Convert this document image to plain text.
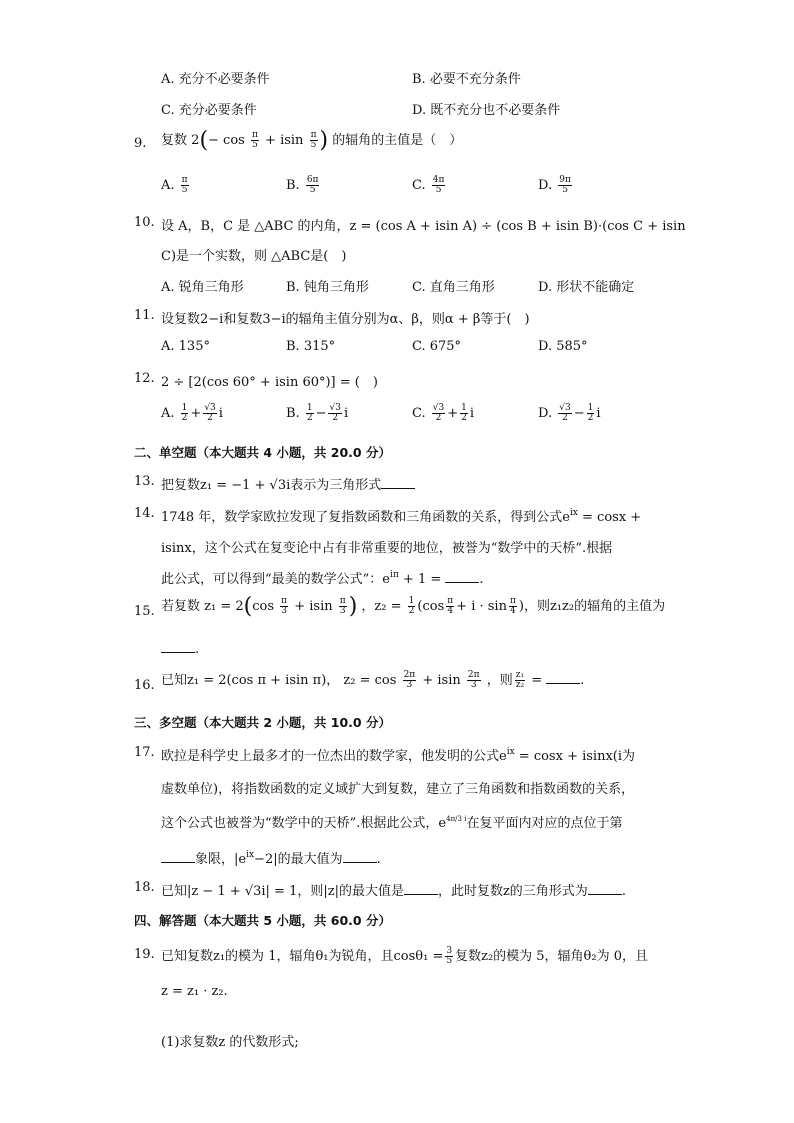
A. 充分不必要条件	B. 必要不充分条件
C. 充分必要条件	D. 既不充分也不必要条件
9. 复数 $2(- \cos \frac{\pi}{5} + isin \frac{\pi}{5}$ ) 的辐角的主值是（　）
A. $\frac{\pi}{5}$	B. $\frac{6\pi}{5}$	C. $\frac{4\pi}{5}$	D. $\frac{9\pi}{5}$
10. 设 A，B，C 是 △ABC 的内角，z = (cos A + isin A) ÷ (cos B + isin B)·(cos C + isin
C)是一个实数，则 △ABC是(　)
A. 锐角三角形	B. 钝角三角形	C. 直角三角形	D. 形状不能确定
11. 设复数2−i和复数3−i的辐角主值分别为α、β，则α + β等于(　)
A. 135°	B. 315°	C. 675°	D. 585°
12. 2 ÷ [2(cos 60° + isin 60°)] = (　)
A. $\frac{1}{2} + \frac{√3}{2}$ i	B. $\frac{1}{2} - \frac{√3}{2}$ i	C. $\frac{√3}{2} + \frac{1}{2}$ i	D. $\frac{√3}{2} - \frac{1}{2}$ i
二、单空题（本大题共 4 小题，共 20.0 分）
13. 把复数z₁ = −1 + √3i表示为三角形式
14. 1748 年，数学家欧拉发现了复指数函数和三角函数的关系，得到公式$e^{ix} = \cos x$ +
isinx，这个公式在复变论中占有非常重要的地位，被誉为“数学中的天桥”.根据
此公式，可以得到“最美的数学公式”：$e^{i\pi} + 1$ =	.
15. 若复数 $z_1 = 2(\cos \frac{\pi}{3} + isin \frac{\pi}{3}$ ) ，$z_2 = \frac{1}{2} (\cos \frac{\pi}{4} + i \cdot \sin \frac{\pi}{4}$ )，则z₁z₂的辐角的主值为
.
16. 已知z₁ = 2(cos π + isin π)， $z_2 = \cos \frac{2\pi}{3} + isin \frac{2\pi}{3}$ ，则 $\frac{\text{z₁}}{\text{z₂}}$ =	.
三、多空题（本大题共 2 小题，共 10.0 分）
17. 欧拉是科学史上最多才的一位杰出的数学家，他发明的公式$e^{ix} = \cos x + isinx(i$为
虚数单位)，将指数函数的定义域扩大到复数，建立了三角函数和指数函数的关系，
这个公式也被誉为“数学中的天桥”.根据此公式，$e^{4\pi/3 i}$在复平面内对应的点位于第
象限，$|e^{ix}-2|$的最大值为	.
18. 已知|z − 1 + √3i| = 1，则|z|的最大值是	，此时复数z的三角形式为	.
四、解答题（本大题共 5 小题，共 60.0 分）
19. 已知复数z₁的模为 1，辐角θ₁为锐角，且$\cos\theta_1 = \frac{3}{5}$ 复数z₂的模为 5，辐角θ₂为 0，且
z = z₁ · z₂.
(1)求复数z 的代数形式;
